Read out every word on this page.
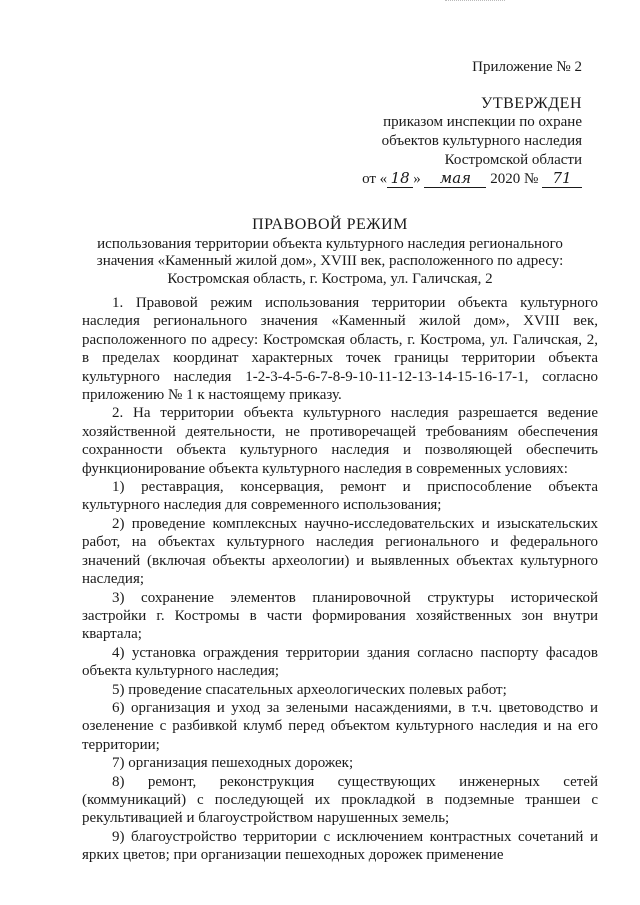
Приложение № 2
УТВЕРЖДЕН
приказом инспекции по охране
объектов культурного наследия
Костромской области
от « 18 » мая 2020 № 71
ПРАВОВОЙ РЕЖИМ
использования территории объекта культурного наследия регионального
значения «Каменный жилой дом», XVIII век, расположенного по адресу:
Костромская область, г. Кострома, ул. Галичская, 2

1. Правовой режим использования территории объекта культурного наследия регионального значения «Каменный жилой дом», XVIII век, расположенного по адресу: Костромская область, г. Кострома, ул. Галичская, 2, в пределах координат характерных точек границы территории объекта культурного наследия 1-2-3-4-5-6-7-8-9-10-11-12-13-14-15-16-17-1, согласно приложению № 1 к настоящему приказу.

2. На территории объекта культурного наследия разрешается ведение хозяйственной деятельности, не противоречащей требованиям обеспечения сохранности объекта культурного наследия и позволяющей обеспечить функционирование объекта культурного наследия в современных условиях:

1) реставрация, консервация, ремонт и приспособление объекта культурного наследия для современного использования;

2) проведение комплексных научно-исследовательских и изыскательских работ, на объектах культурного наследия регионального и федерального значений (включая объекты археологии) и выявленных объектах культурного наследия;

3) сохранение элементов планировочной структуры исторической застройки г. Костромы в части формирования хозяйственных зон внутри квартала;

4) установка ограждения территории здания согласно паспорту фасадов объекта культурного наследия;

5) проведение спасательных археологических полевых работ;

6) организация и уход за зелеными насаждениями, в т.ч. цветоводство и озеленение с разбивкой клумб перед объектом культурного наследия и на его территории;

7) организация пешеходных дорожек;

8) ремонт, реконструкция существующих инженерных сетей (коммуникаций) с последующей их прокладкой в подземные траншеи с рекультивацией и благоустройством нарушенных земель;

9) благоустройство территории с исключением контрастных сочетаний и ярких цветов; при организации пешеходных дорожек применение
